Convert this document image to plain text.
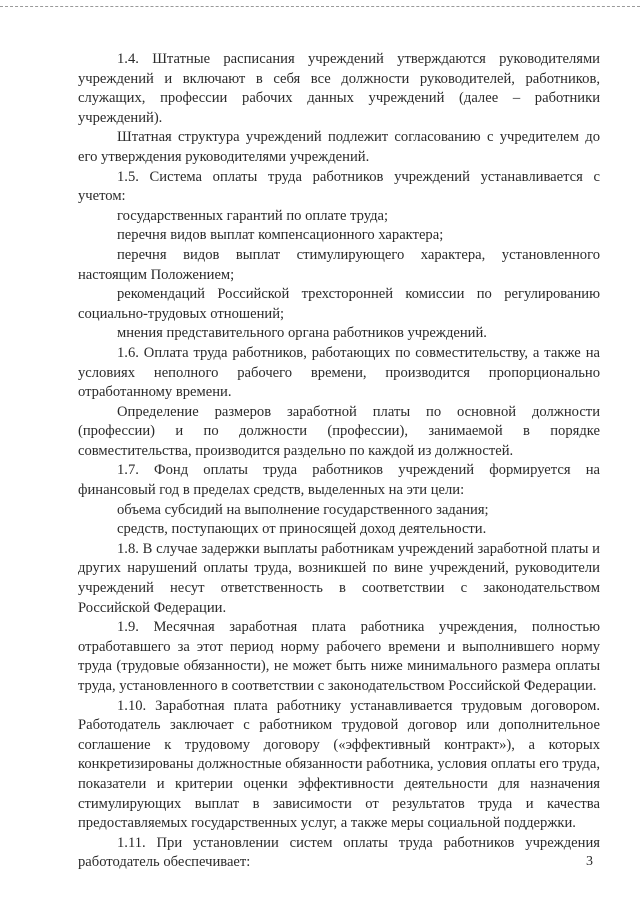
1.4. Штатные расписания учреждений утверждаются руководителями учреждений и включают в себя все должности руководителей, работников, служащих, профессии рабочих данных учреждений (далее – работники учреждений).

Штатная структура учреждений подлежит согласованию с учредителем до его утверждения руководителями учреждений.

1.5. Система оплаты труда работников учреждений устанавливается с учетом:

государственных гарантий по оплате труда;

перечня видов выплат компенсационного характера;

перечня видов выплат стимулирующего характера, установленного настоящим Положением;

рекомендаций Российской трехсторонней комиссии по регулированию социально-трудовых отношений;

мнения представительного органа работников учреждений.

1.6. Оплата труда работников, работающих по совместительству, а также на условиях неполного рабочего времени, производится пропорционально отработанному времени.

Определение размеров заработной платы по основной должности (профессии) и по должности (профессии), занимаемой в порядке совместительства, производится раздельно по каждой из должностей.

1.7. Фонд оплаты труда работников учреждений формируется на финансовый год в пределах средств, выделенных на эти цели:

объема субсидий на выполнение государственного задания;

средств, поступающих от приносящей доход деятельности.

1.8. В случае задержки выплаты работникам учреждений заработной платы и других нарушений оплаты труда, возникшей по вине учреждений, руководители учреждений несут ответственность в соответствии с законодательством Российской Федерации.

1.9. Месячная заработная плата работника учреждения, полностью отработавшего за этот период норму рабочего времени и выполнившего норму труда (трудовые обязанности), не может быть ниже минимального размера оплаты труда, установленного в соответствии с законодательством Российской Федерации.

1.10. Заработная плата работнику устанавливается трудовым договором. Работодатель заключает с работником трудовой договор или дополнительное соглашение к трудовому договору («эффективный контракт»), а которых конкретизированы должностные обязанности работника, условия оплаты его труда, показатели и критерии оценки эффективности деятельности для назначения стимулирующих выплат в зависимости от результатов труда и качества предоставляемых государственных услуг, а также меры социальной поддержки.

1.11. При установлении систем оплаты труда работников учреждения работодатель обеспечивает:	3
